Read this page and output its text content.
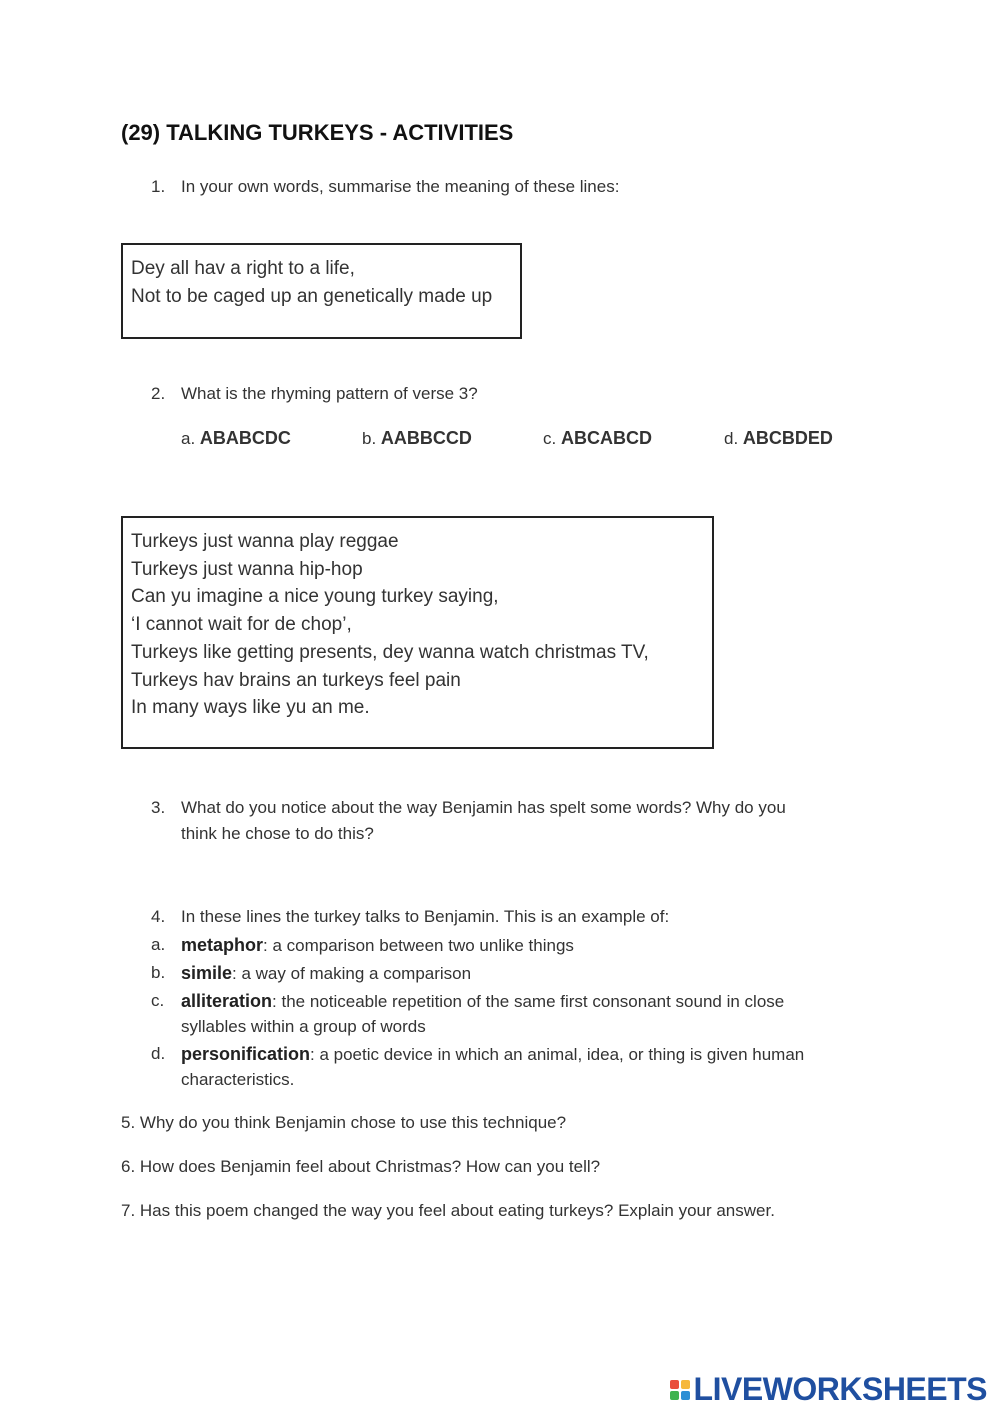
(29) TALKING TURKEYS - ACTIVITIES
1. In your own words, summarise the meaning of these lines:
Dey all hav a right to a life,
Not to be caged up an genetically made up
2. What is the rhyming pattern of verse 3?
a. ABABCDC	b. AABBCCD	c. ABCABCD	d. ABCBDED
Turkeys just wanna play reggae
Turkeys just wanna hip-hop
Can yu imagine a nice young turkey saying,
‘I cannot wait for de chop’,
Turkeys like getting presents, dey wanna watch christmas TV,
Turkeys hav brains an turkeys feel pain
In many ways like yu an me.
3. What do you notice about the way Benjamin has spelt some words? Why do you
think he chose to do this?
4. In these lines the turkey talks to Benjamin. This is an example of:
a. metaphor: a comparison between two unlike things
b. simile: a way of making a comparison
c. alliteration: the noticeable repetition of the same first consonant sound in close
syllables within a group of words
d. personification: a poetic device in which an animal, idea, or thing is given human
characteristics.
5. Why do you think Benjamin chose to use this technique?
6. How does Benjamin feel about Christmas? How can you tell?
7. Has this poem changed the way you feel about eating turkeys? Explain your answer.
LIVEWORKSHEETS
